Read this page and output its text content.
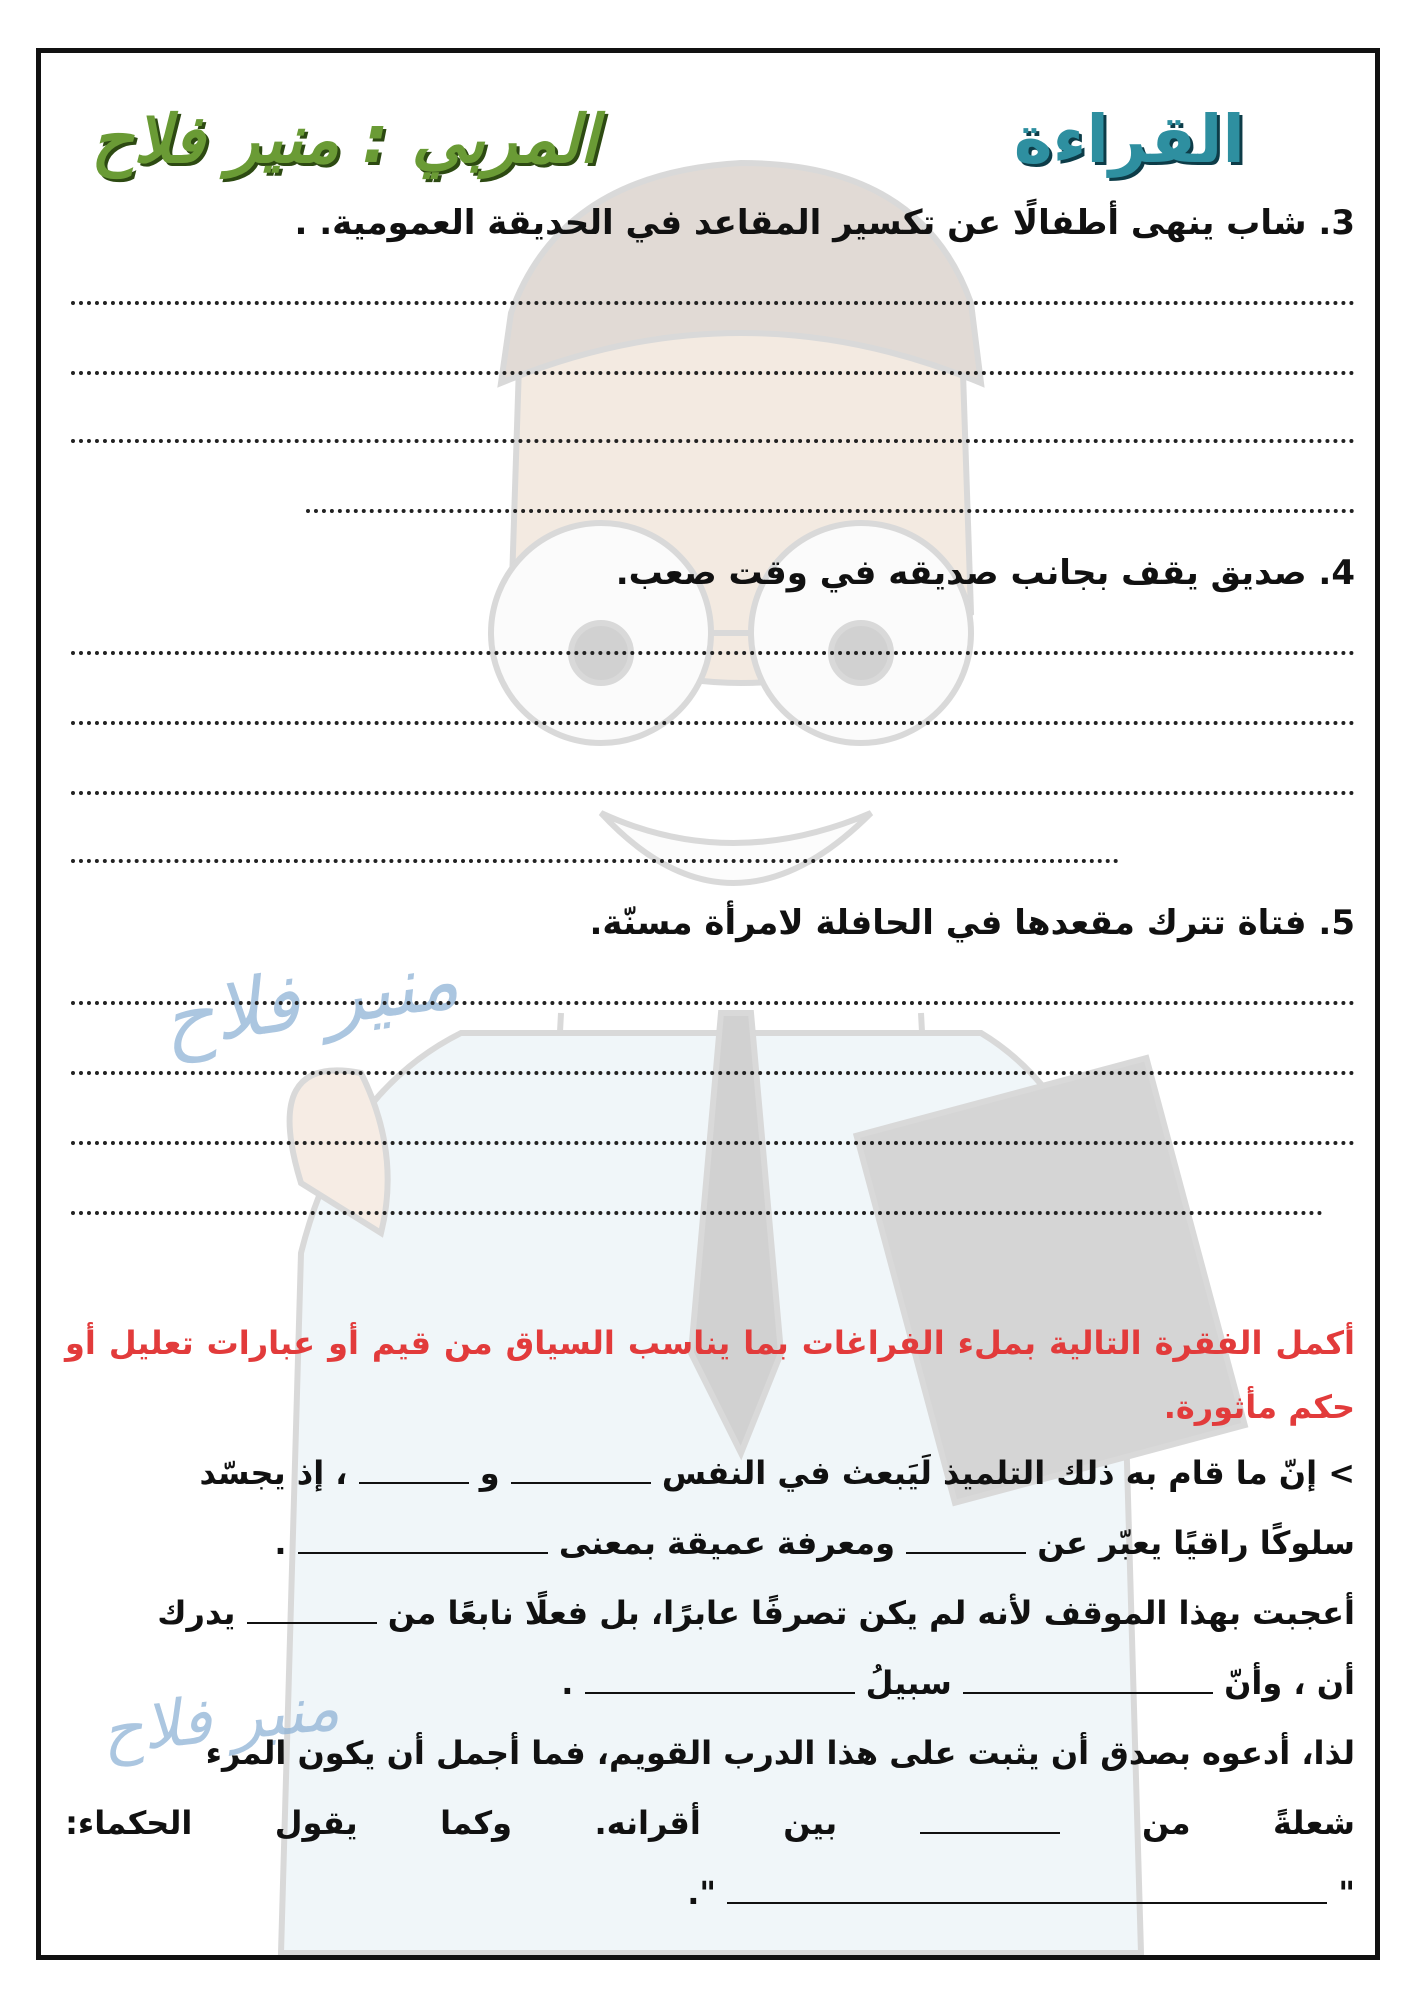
منير فلاح
منير فلاح
القراءة
المربي : منير فلاح
3. شاب ينهى أطفالًا عن تكسير المقاعد في الحديقة العمومية. .
4. صديق يقف بجانب صديقه في وقت صعب.
5. فتاة تترك مقعدها في الحافلة لامرأة مسنّة.
أكمل الفقرة التالية بملء الفراغات بما يناسب السياق من قيم أو عبارات تعليل أو حكم مأثورة.
> إنّ ما قام به ذلك التلميذ لَيَبعث في النفس  و  ، إذ يجسّد
سلوكًا راقيًا يعبّر عن  ومعرفة عميقة بمعنى  .
أعجبت بهذا الموقف لأنه لم يكن تصرفًا عابرًا، بل فعلًا نابعًا من  يدرك
أن ، وأنّ  سبيلُ  .
لذا، أدعوه بصدق أن يثبت على هذا الدرب القويم، فما أجمل أن يكون المرء
شعلةً
من
بين
أقرانه.
وكما
يقول
الحكماء:
"  ".
